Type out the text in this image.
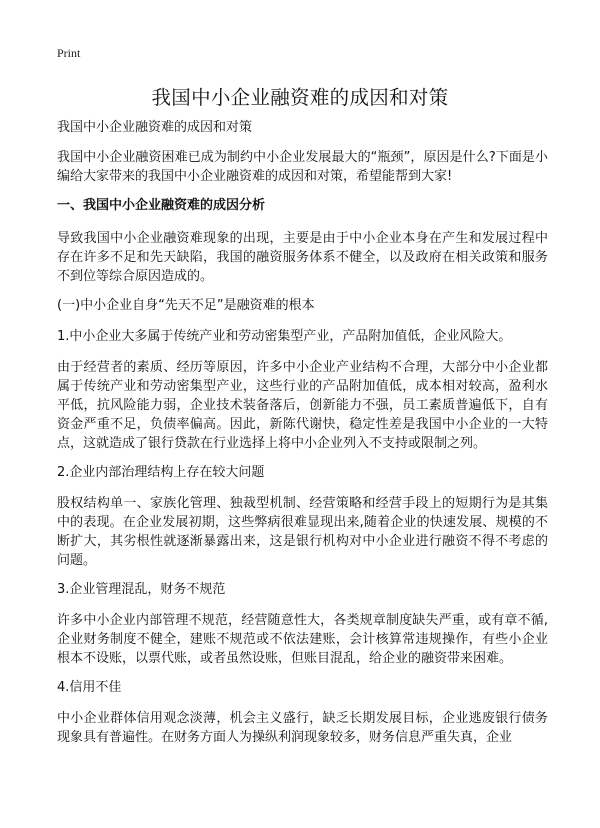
Print
我国中小企业融资难的成因和对策

我国中小企业融资难的成因和对策

我国中小企业融资困难已成为制约中小企业发展最大的“瓶颈”，原因是什么?下面是小编给大家带来的我国中小企业融资难的成因和对策，希望能帮到大家!

一、我国中小企业融资难的成因分析

导致我国中小企业融资难现象的出现，主要是由于中小企业本身在产生和发展过程中存在许多不足和先天缺陷，我国的融资服务体系不健全，以及政府在相关政策和服务不到位等综合原因造成的。

(一)中小企业自身“先天不足”是融资难的根本

1.中小企业大多属于传统产业和劳动密集型产业，产品附加值低，企业风险大。

由于经营者的素质、经历等原因，许多中小企业产业结构不合理，大部分中小企业都属于传统产业和劳动密集型产业，这些行业的产品附加值低，成本相对较高，盈利水平低，抗风险能力弱，企业技术装备落后，创新能力不强，员工素质普遍低下，自有资金严重不足，负债率偏高。因此，新陈代谢快，稳定性差是我国中小企业的一大特点，这就造成了银行贷款在行业选择上将中小企业列入不支持或限制之列。

2.企业内部治理结构上存在较大问题

股权结构单一、家族化管理、独裁型机制、经营策略和经营手段上的短期行为是其集中的表现。在企业发展初期，这些弊病很难显现出来,随着企业的快速发展、规模的不断扩大，其劣根性就逐渐暴露出来，这是银行机构对中小企业进行融资不得不考虑的问题。

3.企业管理混乱，财务不规范

许多中小企业内部管理不规范，经营随意性大，各类规章制度缺失严重，或有章不循,企业财务制度不健全，建账不规范或不依法建账，会计核算常违规操作，有些小企业根本不设账，以票代账，或者虽然设账，但账目混乱，给企业的融资带来困难。

4.信用不佳

中小企业群体信用观念淡薄，机会主义盛行，缺乏长期发展目标，企业逃废银行债务现象具有普遍性。在财务方面人为操纵利润现象较多，财务信息严重失真，企业
